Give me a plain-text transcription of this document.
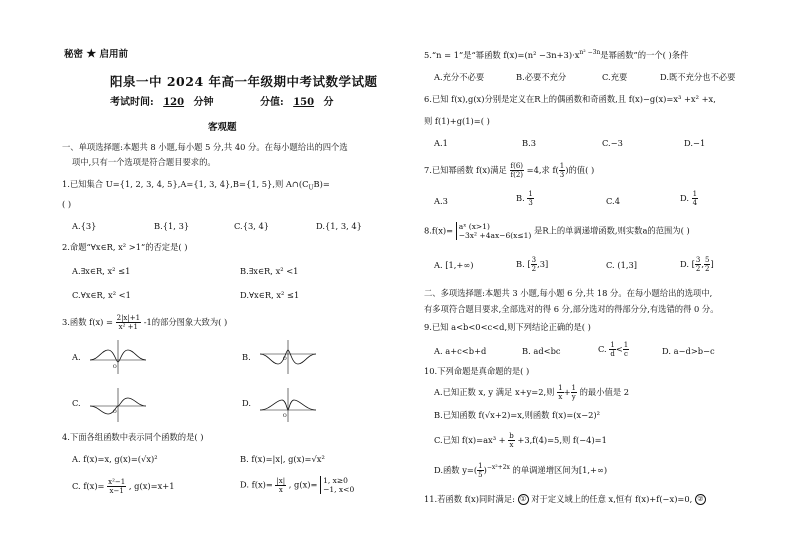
秘密 ★ 启用前
阳泉一中 2024 年高一年级期中考试数学试题
考试时间: 120 分钟	分值: 150 分
客观题
一、单项选择题:本题共 8 小题,每小题 5 分,共 40 分。在每小题给出的四个选
项中,只有一个选项是符合题目要求的。
1.已知集合 U={1, 2, 3, 4, 5},A={1, 3, 4},B={1, 5},则 $A\cap(C_UB)=$
( )
A.{3}	B.{1, 3}	C.{3, 4}	D.{1, 3, 4}
2.命题“∀x∈R, x² >1”的否定是( )
A.∃x∈R, x² ≤1	B.∃x∈R, x² <1
C.∀x∈R, x² <1	D.∀x∈R, x² ≤1
3.函数 $f(x) = \frac{2|x|+1}{\text{x² +1}} -1$的部分图象大致为( )
A.
O
B.	O
C.
O
D.
O
4.下面各组函数中表示同个函数的是( )
A. f(x)=x, g(x)=(√x)²	B. f(x)=|x|, g(x)=√x²
C. $f(x)= \frac{\text{x²−1}}{x-1}$ , g(x)=x+1	D. $f(x)= \frac{|x|}{x}$ , g(x)= 1, x≥0
−1, x<0
5.“n = 1”是“幂函数 $f(x)=(n^2 -3n+3)\cdot x^{n^2 -3n}$是幂函数”的一个( )条件
A.充分不必要	B.必要不充分	C.充要	D.既不充分也不必要
6.已知 f(x),g(x)分别是定义在R上的偶函数和奇函数,且 f(x)−g(x)=x³ +x² +x,
则 f(1)+g(1)=( )
A.1	B.3	C.−3	D.−1
7.已知幂函数 f(x)满足 $\frac{f(6)}{f(2)} =4$,求 $f( \frac{1}{3}$ )的值( )
A.3	B. $\frac{1}{3}$	C.4	D. $\frac{1}{4}$
8.f(x)= aˣ (x>1)
−3x² +4ax−6(x≤1) 是R上的单调递增函数,则实数a的范围为( )
A. [1,+∞)	B. [ $\frac{3}{2} ,3$]	C. (1,3]	D. [ $\frac{3}{2}$ , $\frac{5}{2}$ ]
二、多项选择题:本题共 3 小题,每小题 6 分,共 18 分。在每小题给出的选项中,
有多项符合题目要求,全部选对的得 6 分,部分选对的得部分分,有选错的得 0 分。
9.已知 a<b<0<c<d,则下列结论正确的是( )
A. a+c<b+d	B. ad<bc	C. $\frac{1}{d} < \frac{1}{c}$	D. a−d>b−c
10.下列命题是真命题的是( )
A.已知正数 x, y 满足 x+y=2,则 $\frac{1}{x} + \frac{1}{y}$ 的最小值是 2
B.已知函数 f(√x+2)=x,则函数 f(x)=(x−2)²
C.已知 $f(x)=ax^3 + \frac{b}{x} +3,f(4)=5$,则 f(−4)=1
D.函数 $y=( \frac{1}{5} )^{-x^2+2x}$ 的单调递增区间为[1,+∞)
11.若函数 f(x)同时满足: ① 对于定义域上的任意 x,恒有 f(x)+f(−x)=0, ②
